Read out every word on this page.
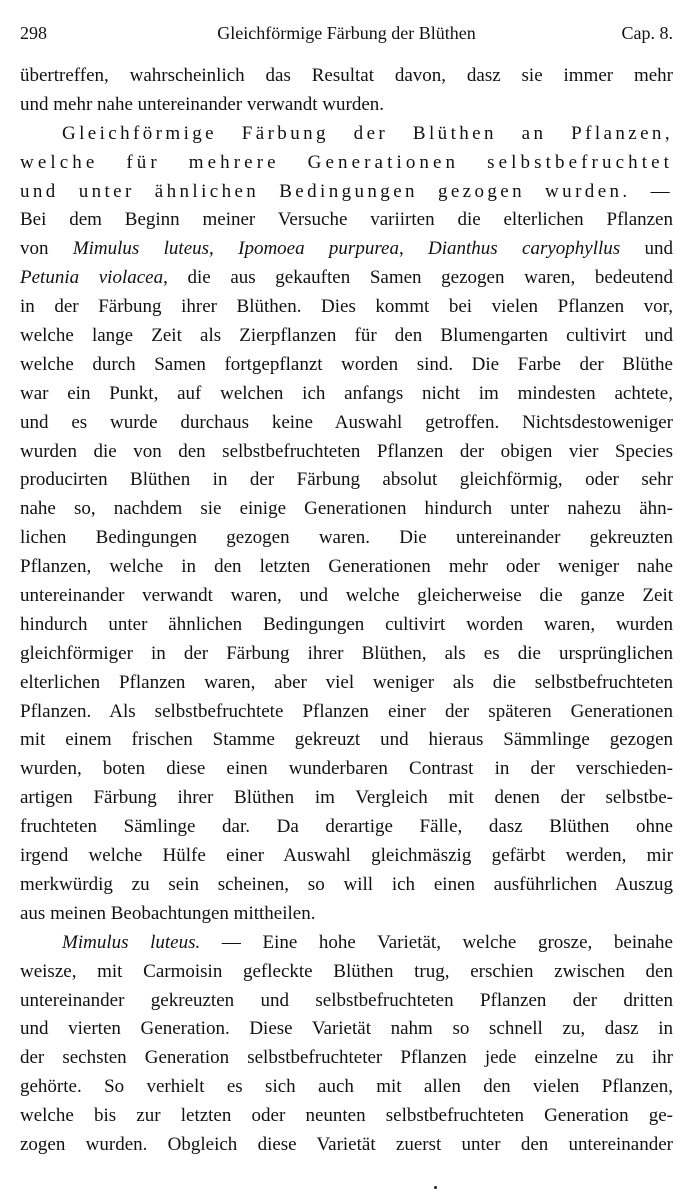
298	Gleichförmige Färbung der Blüthen	Cap. 8.
übertreffen, wahrscheinlich das Resultat davon, dasz sie immer mehr
und mehr nahe untereinander verwandt wurden.
Gleichförmige Färbung der Blüthen an Pflanzen,
welche für mehrere Generationen selbstbefruchtet
und unter ähnlichen Bedingungen gezogen wurden. —
Bei dem Beginn meiner Versuche variirten die elterlichen Pflanzen
von Mimulus luteus, Ipomoea purpurea, Dianthus caryophyllus und
Petunia violacea, die aus gekauften Samen gezogen waren, bedeutend
in der Färbung ihrer Blüthen. Dies kommt bei vielen Pflanzen vor,
welche lange Zeit als Zierpflanzen für den Blumengarten cultivirt und
welche durch Samen fortgepflanzt worden sind. Die Farbe der Blüthe
war ein Punkt, auf welchen ich anfangs nicht im mindesten achtete,
und es wurde durchaus keine Auswahl getroffen. Nichtsdestoweniger
wurden die von den selbstbefruchteten Pflanzen der obigen vier Species
producirten Blüthen in der Färbung absolut gleichförmig, oder sehr
nahe so, nachdem sie einige Generationen hindurch unter nahezu ähn-
lichen Bedingungen gezogen waren. Die untereinander gekreuzten
Pflanzen, welche in den letzten Generationen mehr oder weniger nahe
untereinander verwandt waren, und welche gleicherweise die ganze Zeit
hindurch unter ähnlichen Bedingungen cultivirt worden waren, wurden
gleichförmiger in der Färbung ihrer Blüthen, als es die ursprünglichen
elterlichen Pflanzen waren, aber viel weniger als die selbstbefruchteten
Pflanzen. Als selbstbefruchtete Pflanzen einer der späteren Generationen
mit einem frischen Stamme gekreuzt und hieraus Sämmlinge gezogen
wurden, boten diese einen wunderbaren Contrast in der verschieden-
artigen Färbung ihrer Blüthen im Vergleich mit denen der selbstbe-
fruchteten Sämlinge dar. Da derartige Fälle, dasz Blüthen ohne
irgend welche Hülfe einer Auswahl gleichmäszig gefärbt werden, mir
merkwürdig zu sein scheinen, so will ich einen ausführlichen Auszug
aus meinen Beobachtungen mittheilen.
Mimulus luteus. — Eine hohe Varietät, welche grosze, beinahe
weisze, mit Carmoisin gefleckte Blüthen trug, erschien zwischen den
untereinander gekreuzten und selbstbefruchteten Pflanzen der dritten
und vierten Generation. Diese Varietät nahm so schnell zu, dasz in
der sechsten Generation selbstbefruchteter Pflanzen jede einzelne zu ihr
gehörte. So verhielt es sich auch mit allen den vielen Pflanzen,
welche bis zur letzten oder neunten selbstbefruchteten Generation ge-
zogen wurden. Obgleich diese Varietät zuerst unter den untereinander
